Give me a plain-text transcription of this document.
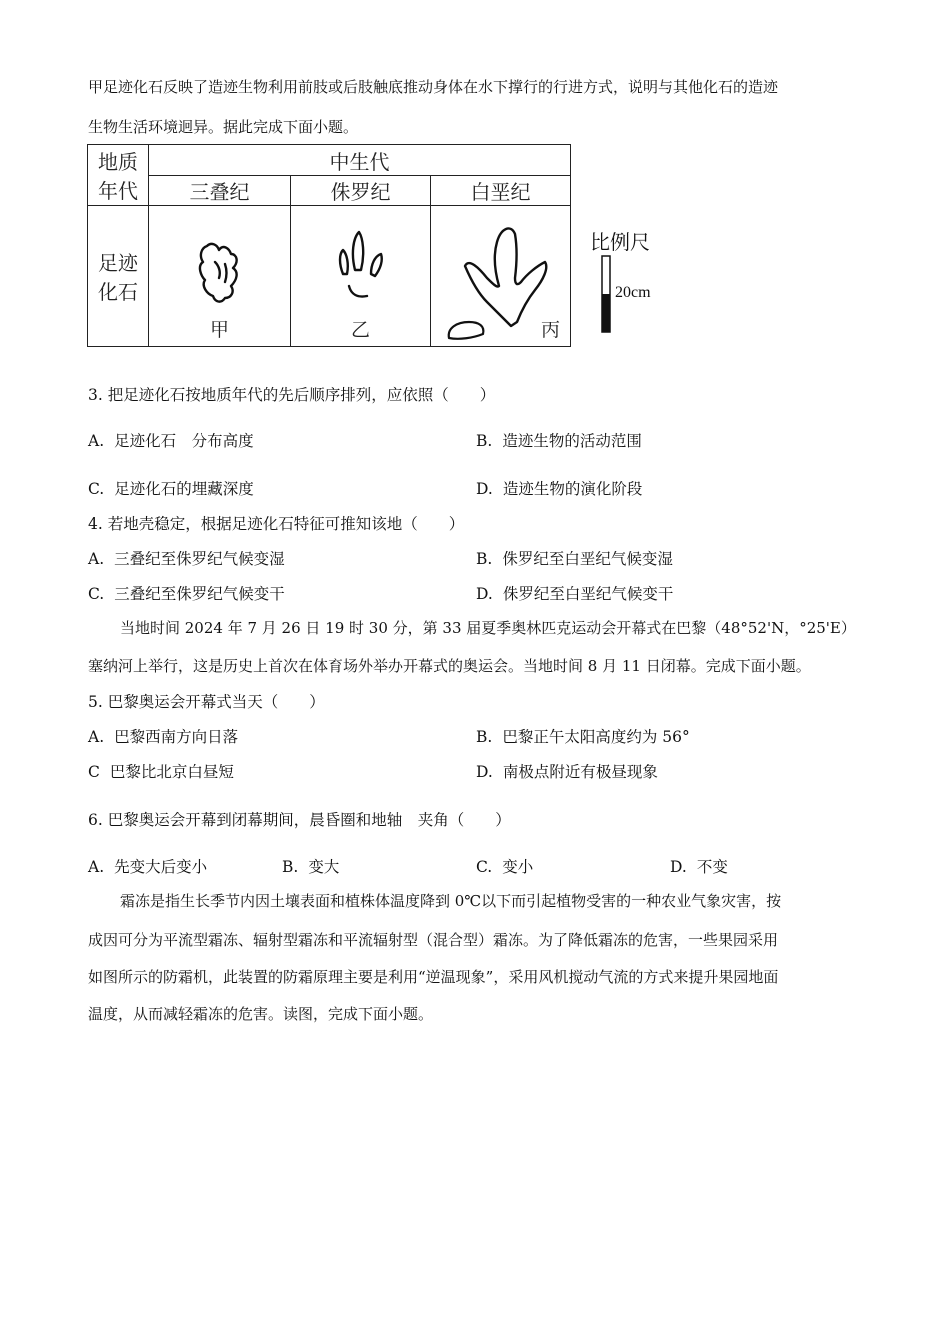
甲足迹化石反映了造迹生物利用前肢或后肢触底推动身体在水下撑行的行进方式，说明与其他化石的造迹
生物生活环境迥异。据此完成下面小题。
地质
年代	中生代		
	三叠纪	侏罗纪	白垩纪

足迹
化石	甲	乙	丙
比例尺
20cm
3. 把足迹化石按地质年代的先后顺序排列，应依照（　　）
A. 足迹化石　分布高度	B. 造迹生物的活动范围
C. 足迹化石的埋藏深度	D. 造迹生物的演化阶段
4. 若地壳稳定，根据足迹化石特征可推知该地（　　）
A. 三叠纪至侏罗纪气候变湿	B. 侏罗纪至白垩纪气候变湿
C. 三叠纪至侏罗纪气候变干	D. 侏罗纪至白垩纪气候变干
当地时间 2024 年 7 月 26 日 19 时 30 分，第 33 届夏季奥林匹克运动会开幕式在巴黎（48°52'N，°25'E）
塞纳河上举行，这是历史上首次在体育场外举办开幕式的奥运会。当地时间 8 月 11 日闭幕。完成下面小题。
5. 巴黎奥运会开幕式当天（　　）
A. 巴黎西南方向日落	B. 巴黎正午太阳高度约为 56°
C 巴黎比北京白昼短	D. 南极点附近有极昼现象
6. 巴黎奥运会开幕到闭幕期间，晨昏圈和地轴　夹角（　　）
A. 先变大后变小	B. 变大	C. 变小	D. 不变
霜冻是指生长季节内因土壤表面和植株体温度降到 0℃以下而引起植物受害的一种农业气象灾害，按
成因可分为平流型霜冻、辐射型霜冻和平流辐射型（混合型）霜冻。为了降低霜冻的危害，一些果园采用
如图所示的防霜机，此装置的防霜原理主要是利用“逆温现象”，采用风机搅动气流的方式来提升果园地面
温度，从而减轻霜冻的危害。读图，完成下面小题。
